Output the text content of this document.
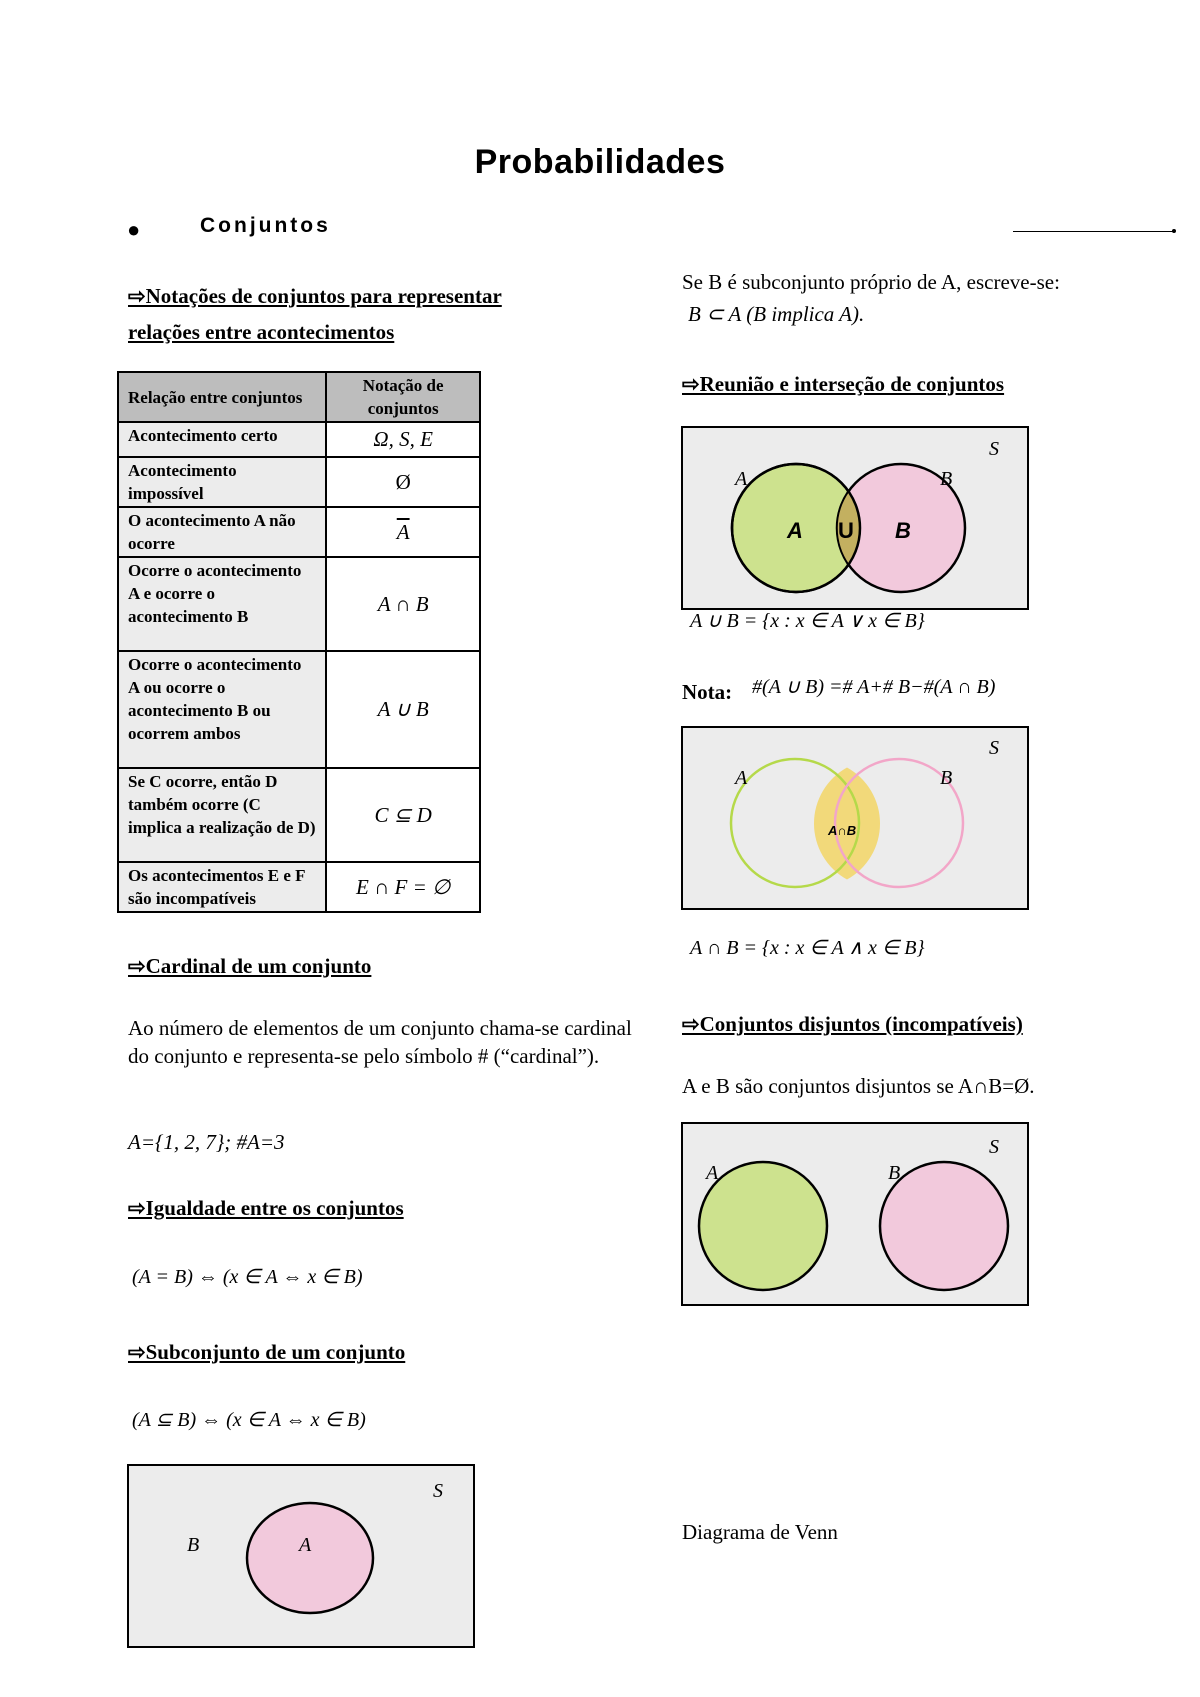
Probabilidades
●	Conjuntos
⇨Notações de conjuntos para representar
relações entre acontecimentos
Relação entre conjuntos	Notação de conjuntos
Acontecimento certo	Ω, S, E
Acontecimento impossível	Ø
O acontecimento A não ocorre	$\overline{A}$
Ocorre o acontecimento A e ocorre o acontecimento B	A ∩ B
Ocorre o acontecimento A ou ocorre o acontecimento B ou ocorrem ambos	A ∪ B
Se C ocorre, então D também ocorre (C implica a realização de D)	C ⊆ D
Os acontecimentos E e F são incompatíveis	E ∩ F = ∅
⇨Cardinal de um conjunto
Ao número de elementos de um conjunto chama-se cardinal do conjunto e representa-se pelo símbolo # (“cardinal”).
A={1, 2, 7}; #A=3
⇨Igualdade entre os conjuntos
(A = B) ⇔ (x ∈ A ⇔ x ∈ B)
⇨Subconjunto de um conjunto
(A ⊆ B) ⇔ (x ∈ A ⇔ x ∈ B)
S
B	A
Se B é subconjunto próprio de A, escreve-se:
B ⊂ A (B implica A).
⇨Reunião e interseção de conjuntos
S
A	B
A U B
A ∪ B = {x : x ∈ A ∨ x ∈ B}
Nota: #(A ∪ B) =# A+# B−#(A ∩ B)
S
A	B
A∩B
A ∩ B = {x : x ∈ A ∧ x ∈ B}
⇨Conjuntos disjuntos (incompatíveis)
A e B são conjuntos disjuntos se A∩B=Ø.
S
A	B
Diagrama de Venn
